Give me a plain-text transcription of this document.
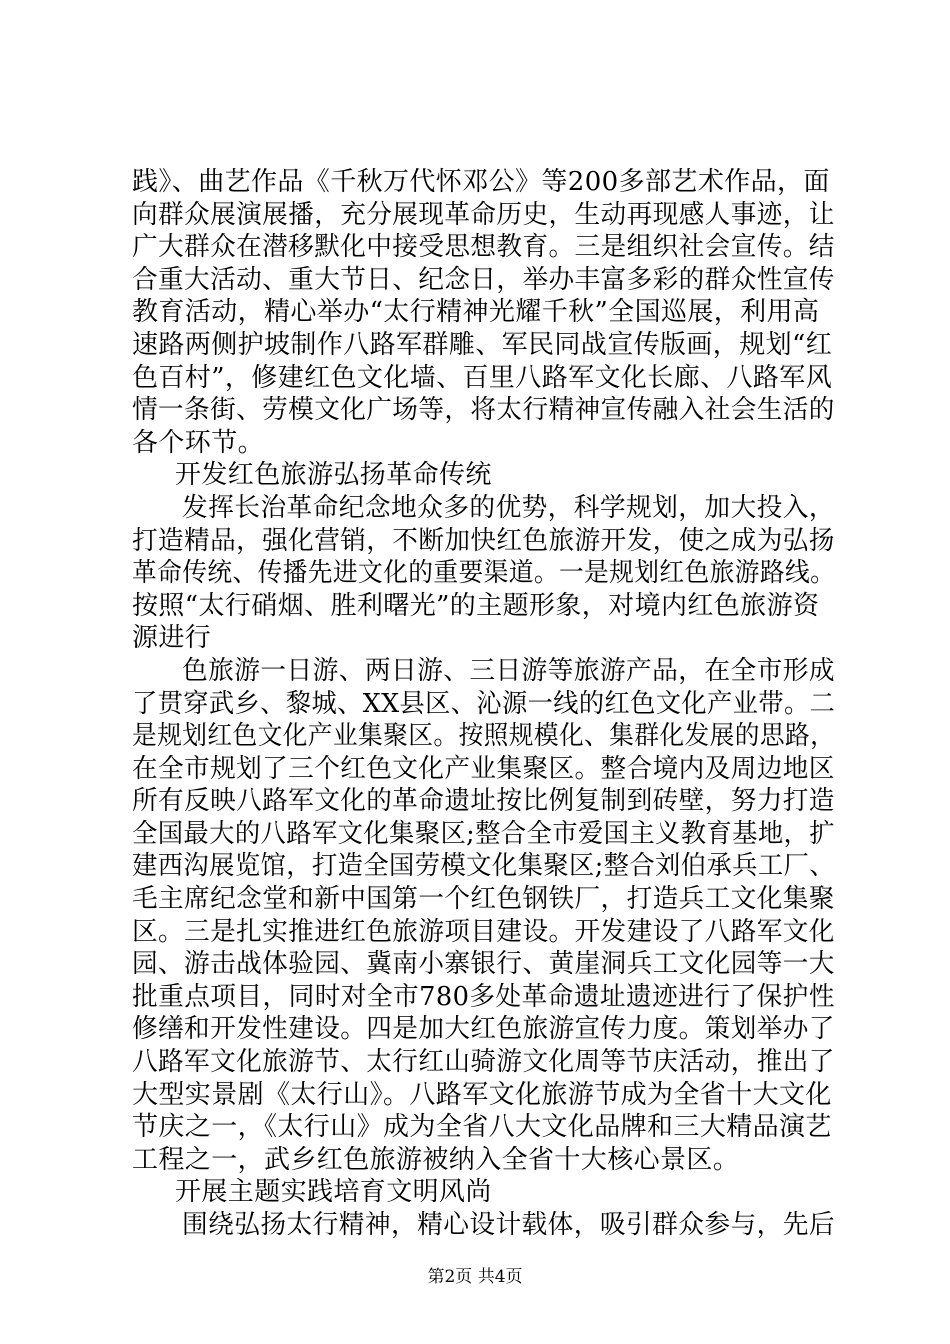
践》、曲艺作品《千秋万代怀邓公》等200多部艺术作品，面
向群众展演展播，充分展现革命历史，生动再现感人事迹，让
广大群众在潜移默化中接受思想教育。三是组织社会宣传。结
合重大活动、重大节日、纪念日，举办丰富多彩的群众性宣传
教育活动，精心举办“太行精神光耀千秋”全国巡展，利用高
速路两侧护坡制作八路军群雕、军民同战宣传版画，规划“红
色百村”，修建红色文化墙、百里八路军文化长廊、八路军风
情一条街、劳模文化广场等，将太行精神宣传融入社会生活的
各个环节。
开发红色旅游弘扬革命传统
发挥长治革命纪念地众多的优势，科学规划，加大投入，
打造精品，强化营销，不断加快红色旅游开发，使之成为弘扬
革命传统、传播先进文化的重要渠道。一是规划红色旅游路线。
按照“太行硝烟、胜利曙光”的主题形象，对境内红色旅游资
源进行
色旅游一日游、两日游、三日游等旅游产品，在全市形成
了贯穿武乡、黎城、XX县区、沁源一线的红色文化产业带。二
是规划红色文化产业集聚区。按照规模化、集群化发展的思路，
在全市规划了三个红色文化产业集聚区。整合境内及周边地区
所有反映八路军文化的革命遗址按比例复制到砖壁，努力打造
全国最大的八路军文化集聚区;整合全市爱国主义教育基地，扩
建西沟展览馆，打造全国劳模文化集聚区;整合刘伯承兵工厂、
毛主席纪念堂和新中国第一个红色钢铁厂，打造兵工文化集聚
区。三是扎实推进红色旅游项目建设。开发建设了八路军文化
园、游击战体验园、冀南小寨银行、黄崖洞兵工文化园等一大
批重点项目，同时对全市780多处革命遗址遗迹进行了保护性
修缮和开发性建设。四是加大红色旅游宣传力度。策划举办了
八路军文化旅游节、太行红山骑游文化周等节庆活动，推出了
大型实景剧《太行山》。八路军文化旅游节成为全省十大文化
节庆之一，《太行山》成为全省八大文化品牌和三大精品演艺
工程之一，武乡红色旅游被纳入全省十大核心景区。
开展主题实践培育文明风尚
围绕弘扬太行精神，精心设计载体，吸引群众参与，先后
第2页 共4页
